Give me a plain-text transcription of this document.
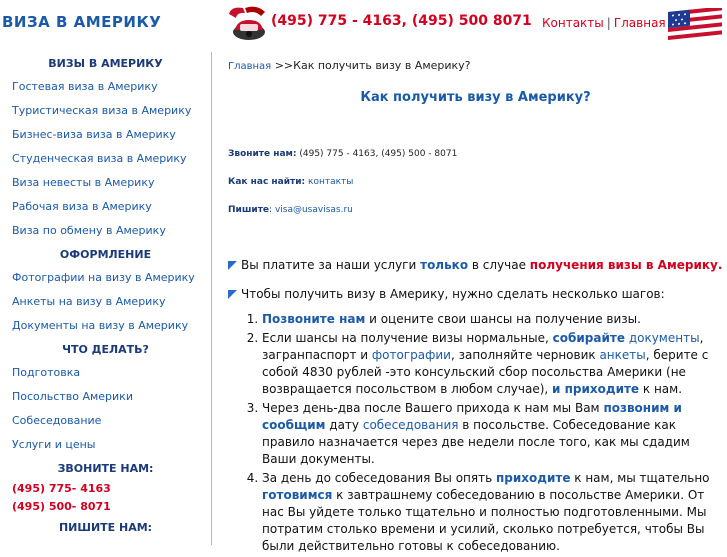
ВИЗА В АМЕРИКУ	(495) 775 - 4163, (495) 500 8071 Контакты | Главная
ВИЗЫ В АМЕРИКУ
Гостевая виза в Америку
Туристическая виза в Америку
Бизнес-виза виза в Америку
Студенческая виза в Америку
Виза невесты в Америку
Рабочая виза в Америку
Виза по обмену в Америку
ОФОРМЛЕНИЕ
Фотографии на визу в Америку
Анкеты на визу в Америку
Документы на визу в Америку
ЧТО ДЕЛАТЬ?
Подготовка
Посольство Америки
Собеседование
Услуги и цены
ЗВОНИТЕ НАМ:
(495) 775- 4163
(495) 500- 8071
ПИШИТЕ НАМ:
Главная >>Как получить визу в Америку?
Как получить визу в Америку?
Звоните нам: (495) 775 - 4163, (495) 500 - 8071
Как нас найти: контакты
Пишите: visa@usavisas.ru
Вы платите за наши услуги только в случае получения визы в Америку.
Чтобы получить визу в Америку, нужно сделать несколько шагов:
1. Позвоните нам и оцените свои шансы на получение визы.
2. Если шансы на получение визы нормальные, собирайте документы, загранпаспорт и фотографии, заполняйте черновик анкеты, берите с собой 4830 рублей -это консульский сбор посольства Америки (не возвращается посольством в любом случае), и приходите к нам.
3. Через день-два после Вашего прихода к нам мы Вам позвоним и сообщим дату собеседования в посольстве. Собеседование как правило назначается через две недели после того, как мы сдадим Ваши документы.
4. За день до собеседования Вы опять приходите к нам, мы тщательно готовимся к завтрашнему собеседованию в посольстве Америки. От нас Вы уйдете только тщательно и полностью подготовленными. Мы потратим столько времени и усилий, сколько потребуется, чтобы Вы были действительно готовы к собеседованию.
